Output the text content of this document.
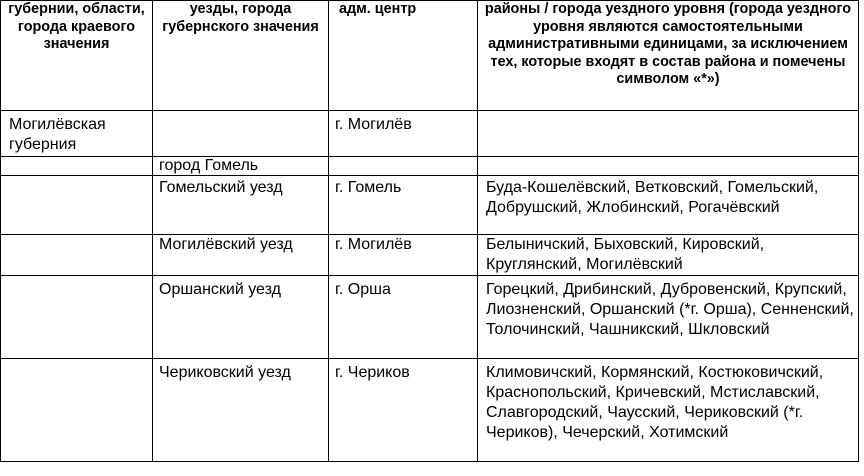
губернии, области, города краевого значения	уезды, города губернского значения	адм. центр	районы / города уездного уровня (города уездного уровня являются самостоятельными административными единицами, за исключением тех, которые входят в состав района и помечены символом «*»)
Могилёвская губерния		г. Могилёв	
	город Гомель		
	Гомельский уезд	г. Гомель	Буда-Кошелёвский, Ветковский, Гомельский, Добрушский, Жлобинский, Рогачёвский
	Могилёвский уезд	г. Могилёв	Белыничский, Быховский, Кировский, Круглянский, Могилёвский
	Оршанский уезд	г. Орша	Горецкий, Дрибинский, Дубровенский, Крупский, Лиозненский, Оршанский (*г. Орша), Сенненский, Толочинский, Чашникский, Шкловский
	Чериковский уезд	г. Чериков	Климовичский, Кормянский, Костюковичский, Краснопольский, Кричевский, Мстиславский, Славгородский, Чаусский, Чериковский (*г. Чериков), Чечерский, Хотимский
